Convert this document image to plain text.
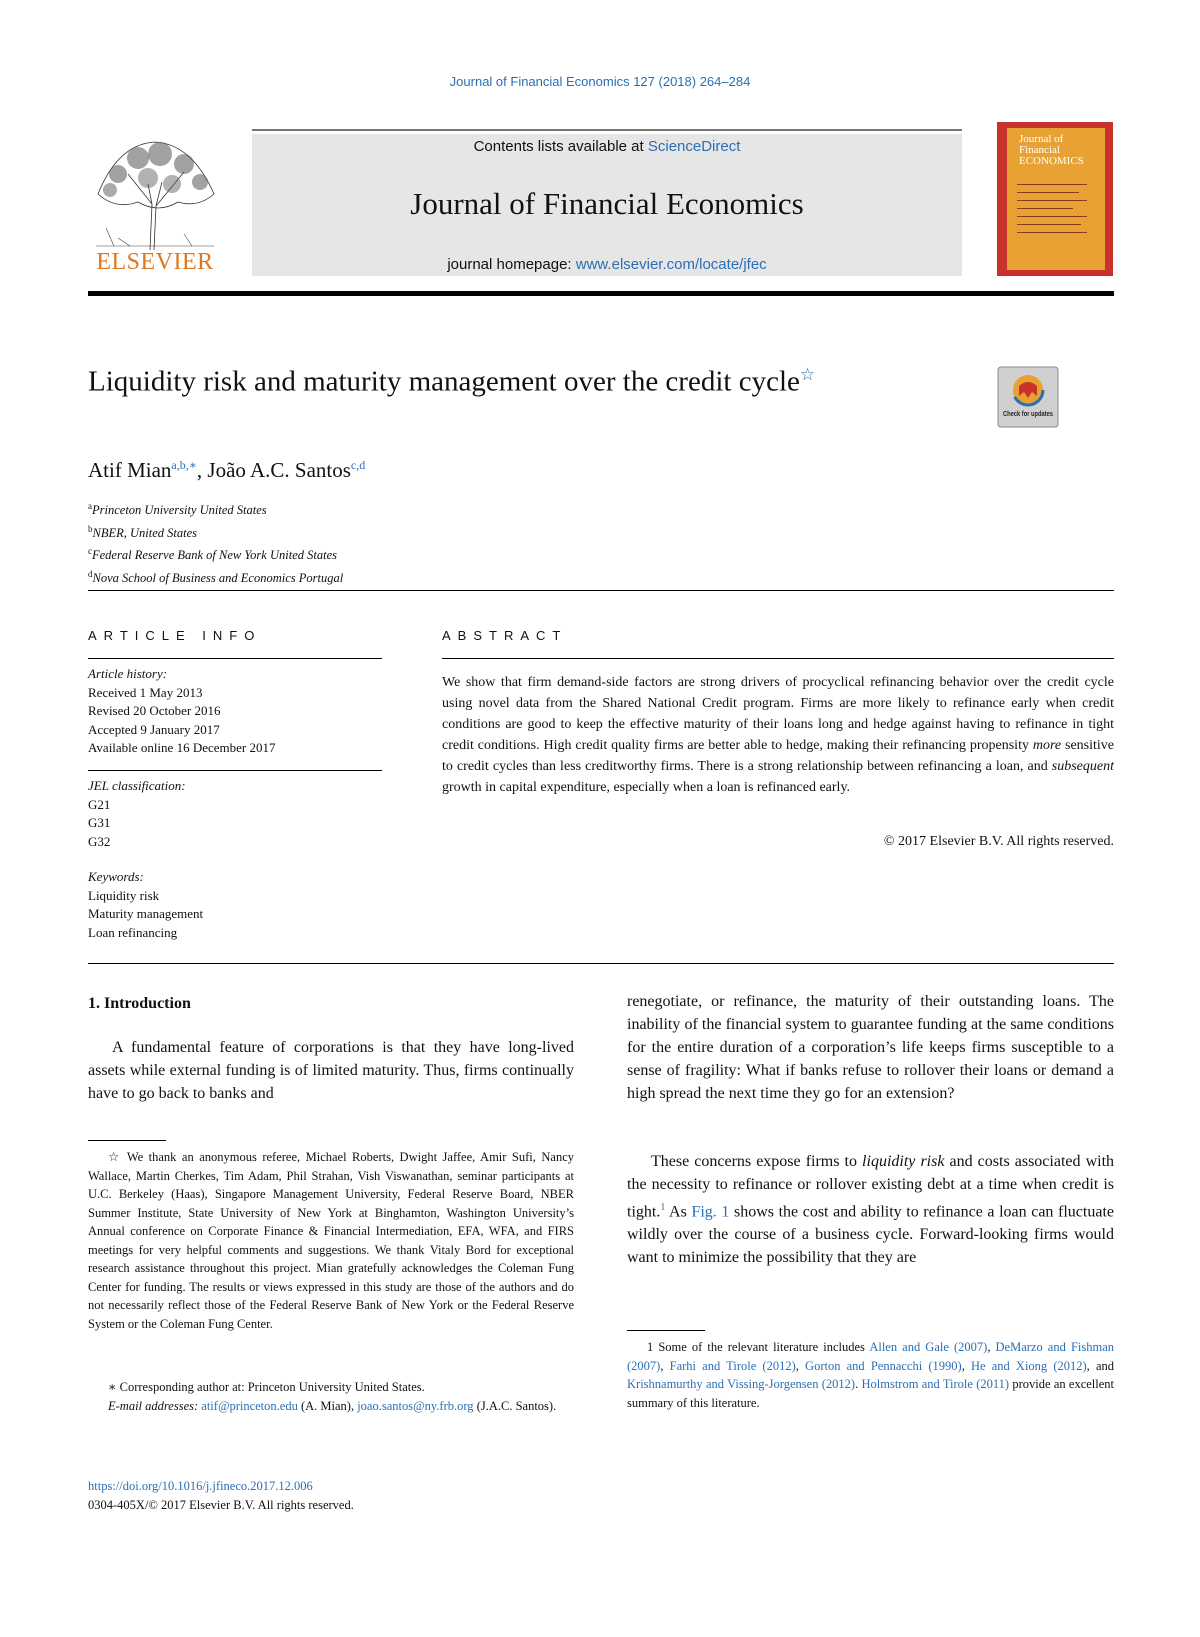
Journal of Financial Economics 127 (2018) 264–284
ELSEVIER
Contents lists available at ScienceDirect
Journal of Financial Economics
journal homepage: www.elsevier.com/locate/jfec
Journal of Financial ECONOMICS
Liquidity risk and maturity management over the credit cycle☆
Check for updates
Atif Mian$^{a,b,∗}$, João A.C. Santos$^{c,d}$
$^a$Princeton University United States
$^b$NBER, United States
$^c$Federal Reserve Bank of New York United States
$^d$Nova School of Business and Economics Portugal
ARTICLE INFO
Article history:
Received 1 May 2013
Revised 20 October 2016
Accepted 9 January 2017
Available online 16 December 2017
JEL classification:
G21
G31
G32
Keywords:
Liquidity risk
Maturity management
Loan refinancing
ABSTRACT
We show that firm demand-side factors are strong drivers of procyclical refinancing behavior over the credit cycle using novel data from the Shared National Credit program. Firms are more likely to refinance early when credit conditions are good to keep the effective maturity of their loans long and hedge against having to refinance in tight credit conditions. High credit quality firms are better able to hedge, making their refinancing propensity more sensitive to credit cycles than less creditworthy firms. There is a strong relationship between refinancing a loan, and subsequent growth in capital expenditure, especially when a loan is refinanced early.
© 2017 Elsevier B.V. All rights reserved.
1. Introduction
A fundamental feature of corporations is that they have long-lived assets while external funding is of limited maturity. Thus, firms continually have to go back to banks and
☆ We thank an anonymous referee, Michael Roberts, Dwight Jaffee, Amir Sufi, Nancy Wallace, Martin Cherkes, Tim Adam, Phil Strahan, Vish Viswanathan, seminar participants at U.C. Berkeley (Haas), Singapore Management University, Federal Reserve Board, NBER Summer Institute, State University of New York at Binghamton, Washington University’s Annual conference on Corporate Finance & Financial Intermediation, EFA, WFA, and FIRS meetings for very helpful comments and suggestions. We thank Vitaly Bord for exceptional research assistance throughout this project. Mian gratefully acknowledges the Coleman Fung Center for funding. The results or views expressed in this study are those of the authors and do not necessarily reflect those of the Federal Reserve Bank of New York or the Federal Reserve System or the Coleman Fung Center.
∗ Corresponding author at: Princeton University United States.
E-mail addresses: atif@princeton.edu (A. Mian), joao.santos@ny.frb.org (J.A.C. Santos).
https://doi.org/10.1016/j.jfineco.2017.12.006
0304-405X/© 2017 Elsevier B.V. All rights reserved.
renegotiate, or refinance, the maturity of their outstanding loans. The inability of the financial system to guarantee funding at the same conditions for the entire duration of a corporation’s life keeps firms susceptible to a sense of fragility: What if banks refuse to rollover their loans or demand a high spread the next time they go for an extension?
These concerns expose firms to liquidity risk and costs associated with the necessity to refinance or rollover existing debt at a time when credit is tight.$^1$ As Fig. 1 shows the cost and ability to refinance a loan can fluctuate wildly over the course of a business cycle. Forward-looking firms would want to minimize the possibility that they are
1 Some of the relevant literature includes Allen and Gale (2007), DeMarzo and Fishman (2007), Farhi and Tirole (2012), Gorton and Pennacchi (1990), He and Xiong (2012), and Krishnamurthy and Vissing-Jorgensen (2012). Holmstrom and Tirole (2011) provide an excellent summary of this literature.
